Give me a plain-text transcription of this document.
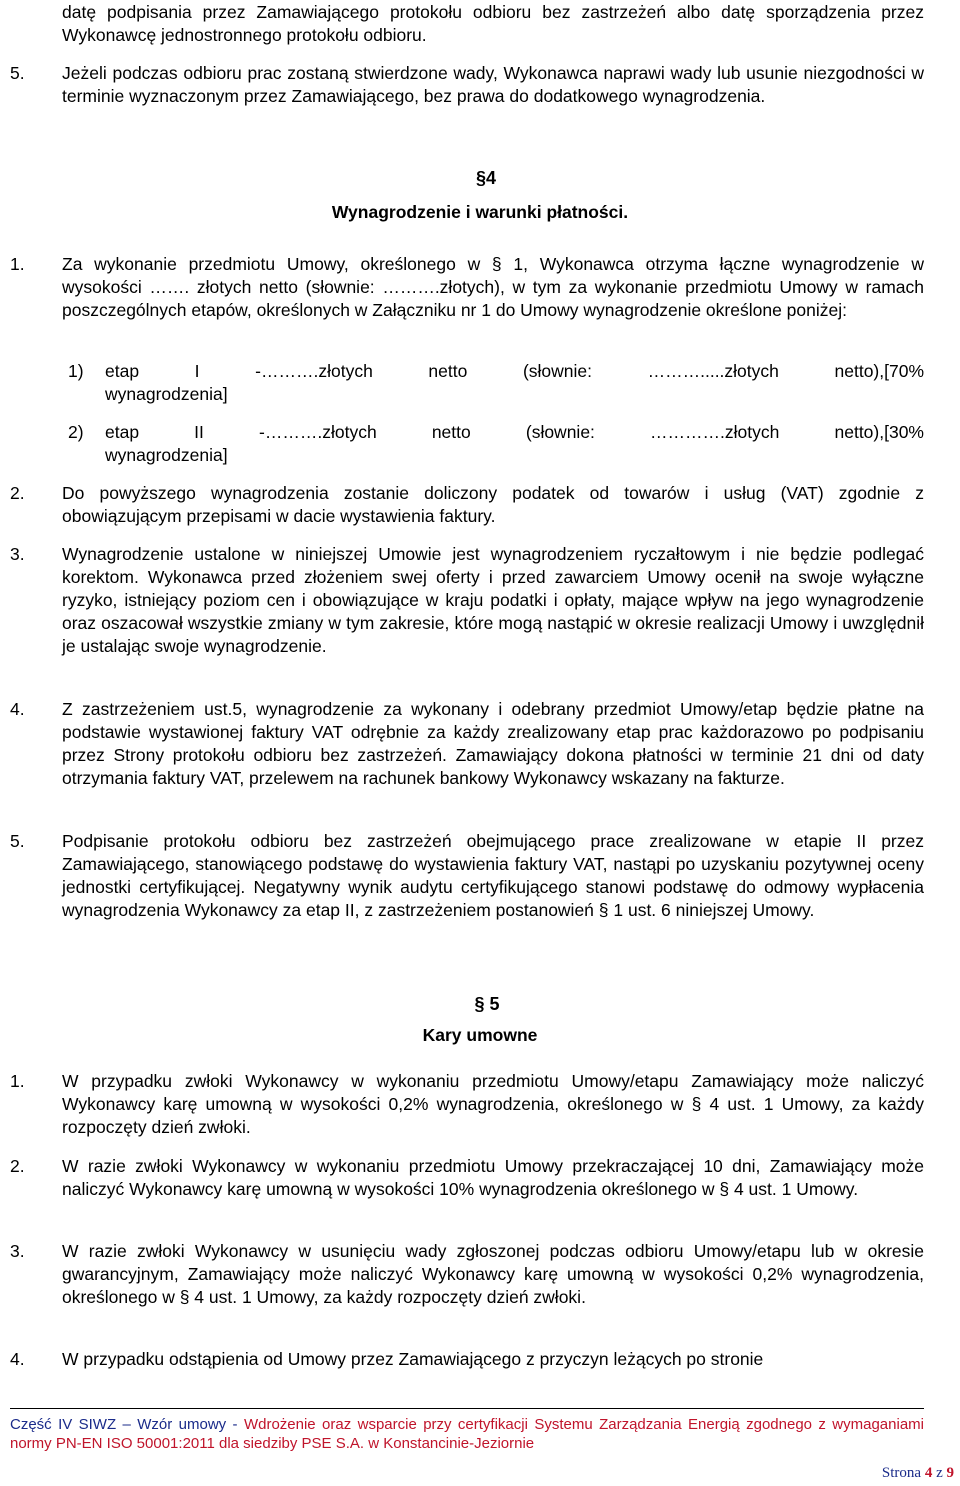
datę podpisania przez Zamawiającego protokołu odbioru bez zastrzeżeń albo datę sporządzenia przez Wykonawcę jednostronnego protokołu odbioru.
5. Jeżeli podczas odbioru prac zostaną stwierdzone wady, Wykonawca naprawi wady lub usunie niezgodności w terminie wyznaczonym przez Zamawiającego, bez prawa do dodatkowego wynagrodzenia.
§4
Wynagrodzenie i warunki płatności.
1. Za wykonanie przedmiotu Umowy, określonego w § 1, Wykonawca otrzyma łączne wynagrodzenie w wysokości ……. złotych netto (słownie: ……….złotych), w tym za wykonanie przedmiotu Umowy w ramach poszczególnych etapów, określonych w Załączniku nr 1 do Umowy wynagrodzenie określone poniżej:
1) etap I -……….złotych netto (słownie: ……….....złotych netto),[70%
wynagrodzenia]
2) etap II -……….złotych netto (słownie: ………….złotych netto),[30%
wynagrodzenia]
2. Do powyższego wynagrodzenia zostanie doliczony podatek od towarów i usług (VAT) zgodnie z obowiązującym przepisami w dacie wystawienia faktury.
3. Wynagrodzenie ustalone w niniejszej Umowie jest wynagrodzeniem ryczałtowym i nie będzie podlegać korektom. Wykonawca przed złożeniem swej oferty i przed zawarciem Umowy ocenił na swoje wyłączne ryzyko, istniejący poziom cen i obowiązujące w kraju podatki i opłaty, mające wpływ na jego wynagrodzenie oraz oszacował wszystkie zmiany w tym zakresie, które mogą nastąpić w okresie realizacji Umowy i uwzględnił je ustalając swoje wynagrodzenie.
4. Z zastrzeżeniem ust.5, wynagrodzenie za wykonany i odebrany przedmiot Umowy/etap będzie płatne na podstawie wystawionej faktury VAT odrębnie za każdy zrealizowany etap prac każdorazowo po podpisaniu przez Strony protokołu odbioru bez zastrzeżeń. Zamawiający dokona płatności w terminie 21 dni od daty otrzymania faktury VAT, przelewem na rachunek bankowy Wykonawcy wskazany na fakturze.
5. Podpisanie protokołu odbioru bez zastrzeżeń obejmującego prace zrealizowane w etapie II przez Zamawiającego, stanowiącego podstawę do wystawienia faktury VAT, nastąpi po uzyskaniu pozytywnej oceny jednostki certyfikującej. Negatywny wynik audytu certyfikującego stanowi podstawę do odmowy wypłacenia wynagrodzenia Wykonawcy za etap II, z zastrzeżeniem postanowień § 1 ust. 6 niniejszej Umowy.
§ 5
Kary umowne
1. W przypadku zwłoki Wykonawcy w wykonaniu przedmiotu Umowy/etapu Zamawiający może naliczyć Wykonawcy karę umowną w wysokości 0,2% wynagrodzenia, określonego w § 4 ust. 1 Umowy, za każdy rozpoczęty dzień zwłoki.
2. W razie zwłoki Wykonawcy w wykonaniu przedmiotu Umowy przekraczającej 10 dni, Zamawiający może naliczyć Wykonawcy karę umowną w wysokości 10% wynagrodzenia określonego w § 4 ust. 1 Umowy.
3. W razie zwłoki Wykonawcy w usunięciu wady zgłoszonej podczas odbioru Umowy/etapu lub w okresie gwarancyjnym, Zamawiający może naliczyć Wykonawcy karę umowną w wysokości 0,2% wynagrodzenia, określonego w § 4 ust. 1 Umowy, za każdy rozpoczęty dzień zwłoki.
4. W przypadku odstąpienia od Umowy przez Zamawiającego z przyczyn leżących po stronie
Część IV SIWZ – Wzór umowy - Wdrożenie oraz wsparcie przy certyfikacji Systemu Zarządzania Energią zgodnego z wymaganiami normy PN-EN ISO 50001:2011 dla siedziby PSE S.A. w Konstancinie-Jeziornie
Strona 4 z 9
